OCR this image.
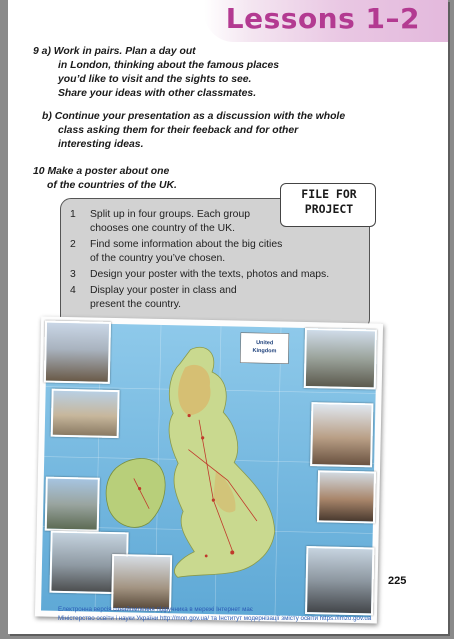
Lessons 1–2
9 a) Work in pairs. Plan a day out
in London, thinking about the famous places
you’d like to visit and the sights to see.
Share your ideas with other classmates.
b) Continue your presentation as a discussion with the whole
class asking them for their feeback and for other
interesting ideas.
10 Make a poster about one
of the countries of the UK.
FILE FOR
PROJECT
1	Split up in four groups. Each group
chooses one country of the UK.
2	Find some information about the big cities
of the country you’ve chosen.
3	Design your poster with the texts, photos and maps.
4	Display your poster in class and
present the country.
United
Kingdom
225
Електронна версія ознайомлення підручника в мережі Інтернет має
Міністерство освіти і науки України http://mon.gov.ua/ та Інститут модернізації змісту освіти https://imzo.gov.ua
